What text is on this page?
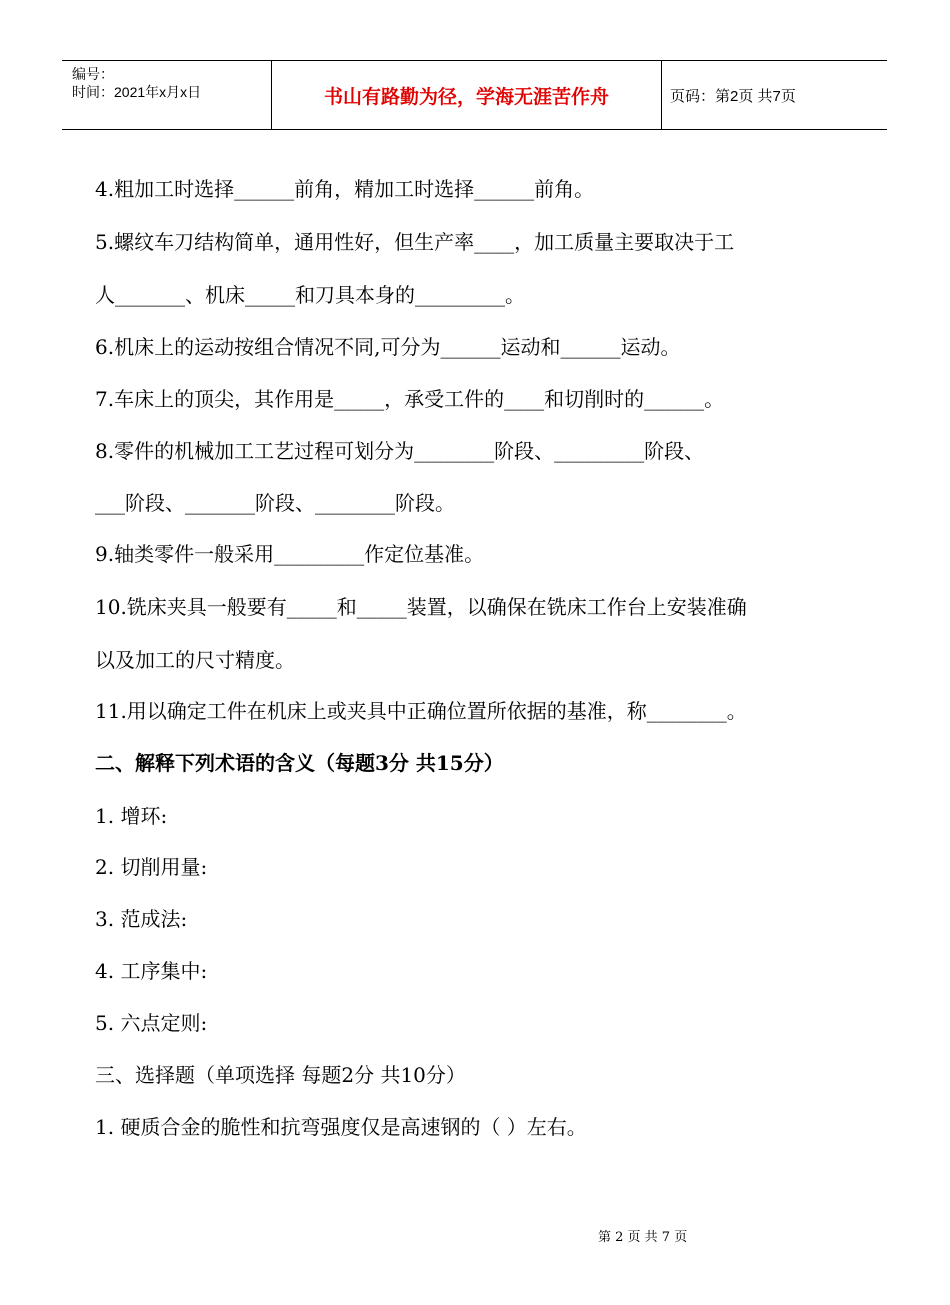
编号：
时间：2021年x月x日	书山有路勤为径，学海无涯苦作舟	页码：第2页 共7页
4.粗加工时选择______前角，精加工时选择______前角。
5.螺纹车刀结构简单，通用性好，但生产率____，加工质量主要取决于工
人_______、机床_____和刀具本身的_________。
6.机床上的运动按组合情况不同,可分为______运动和______运动。
7.车床上的顶尖，其作用是_____，承受工件的____和切削时的______。
8.零件的机械加工工艺过程可划分为________阶段、_________阶段、
___阶段、_______阶段、________阶段。
9.轴类零件一般采用_________作定位基准。
10.铣床夹具一般要有_____和_____装置，以确保在铣床工作台上安装准确
以及加工的尺寸精度。
11.用以确定工件在机床上或夹具中正确位置所依据的基准，称________。
二、解释下列术语的含义（每题3分 共15分）
1. 增环:
2. 切削用量:
3. 范成法:
4. 工序集中:
5. 六点定则:
三、选择题（单项选择 每题2分 共10分）
1. 硬质合金的脆性和抗弯强度仅是高速钢的（ ）左右。
第 2 页 共 7 页
